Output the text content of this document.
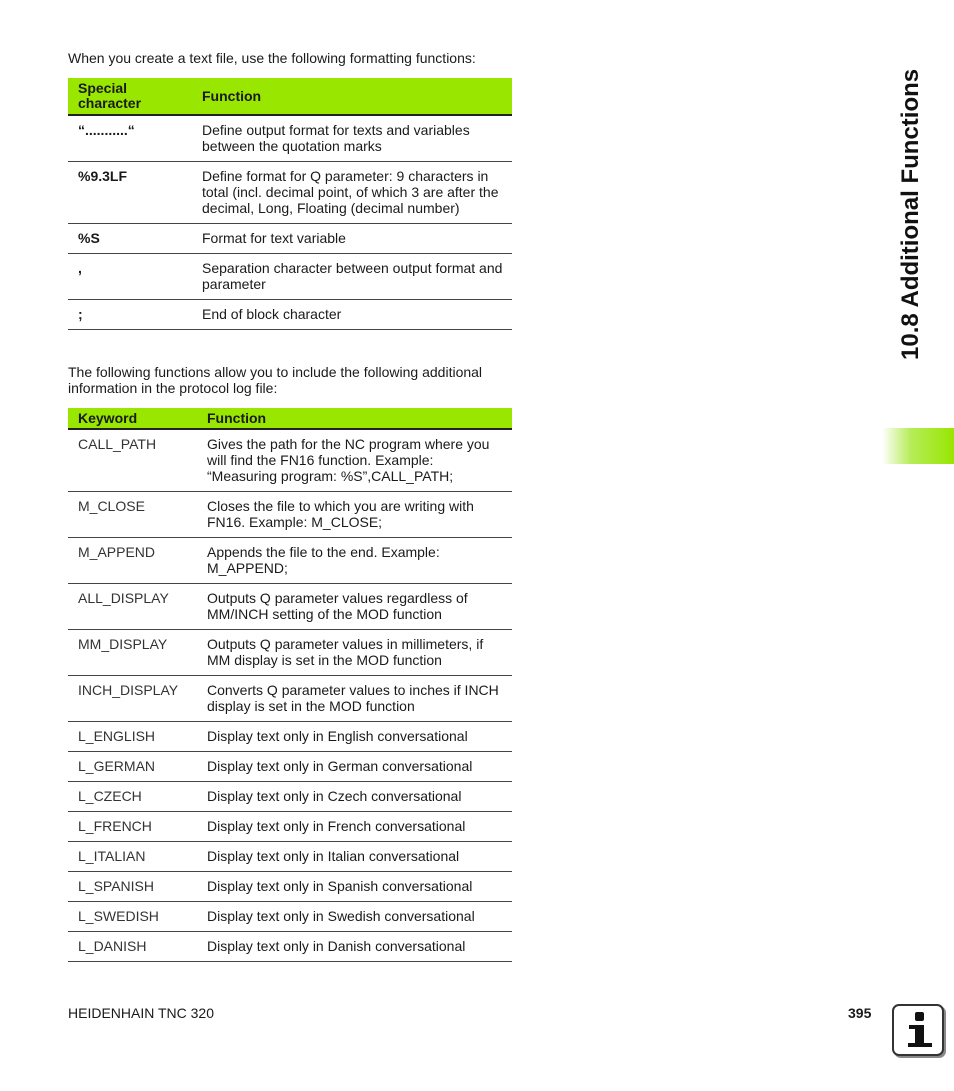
When you create a text file, use the following formatting functions:

Special character	Function
“...........“	Define output format for texts and variables between the quotation marks
%9.3LF	Define format for Q parameter: 9 characters in total (incl. decimal point, of which 3 are after the decimal, Long, Floating (decimal number)
%S	Format for text variable
,	Separation character between output format and parameter
;	End of block character

The following functions allow you to include the following additional information in the protocol log file:

Keyword	Function
CALL_PATH	Gives the path for the NC program where you will find the FN16 function. Example: “Measuring program: %S”,CALL_PATH;
M_CLOSE	Closes the file to which you are writing with FN16. Example: M_CLOSE;
M_APPEND	Appends the file to the end. Example: M_APPEND;
ALL_DISPLAY	Outputs Q parameter values regardless of MM/INCH setting of the MOD function
MM_DISPLAY	Outputs Q parameter values in millimeters, if MM display is set in the MOD function
INCH_DISPLAY	Converts Q parameter values to inches if INCH display is set in the MOD function
L_ENGLISH	Display text only in English conversational
L_GERMAN	Display text only in German conversational
L_CZECH	Display text only in Czech conversational
L_FRENCH	Display text only in French conversational
L_ITALIAN	Display text only in Italian conversational
L_SPANISH	Display text only in Spanish conversational
L_SWEDISH	Display text only in Swedish conversational
L_DANISH	Display text only in Danish conversational
10.8 Additional Functions
HEIDENHAIN TNC 320	395
